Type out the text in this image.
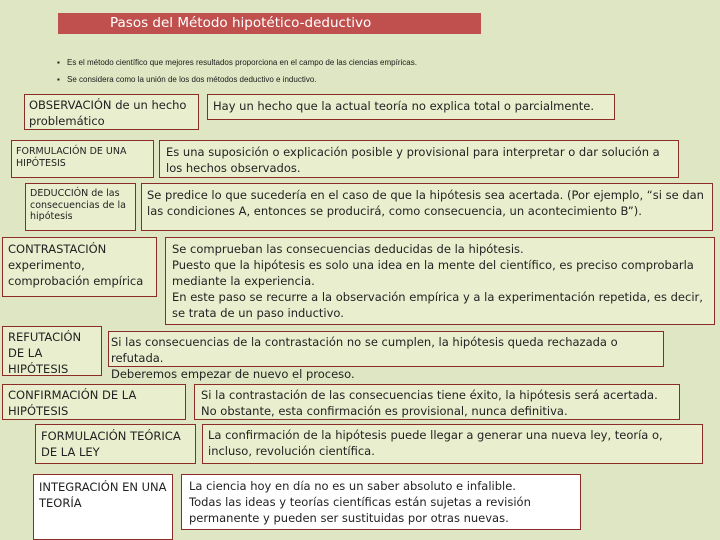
Pasos del Método hipotético-deductivo
▪ Es el método científico que mejores resultados proporciona en el campo de las ciencias empíricas.
▪ Se considera como la unión de los dos métodos deductivo e inductivo.
OBSERVACIÓN de un hecho problemático
Hay un hecho que la actual teoría no explica total o parcialmente.
FORMULACIÓN DE UNA HIPÓTESIS
Es una suposición o explicación posible y provisional para interpretar o dar solución a los hechos observados.
DEDUCCIÓN de las consecuencias de la hipótesis
Se predice lo que sucedería en el caso de que la hipótesis sea acertada. (Por ejemplo, “si se dan las condiciones A, entonces se producirá, como consecuencia, un acontecimiento B”).
CONTRASTACIÓN experimento, comprobación empírica
Se comprueban las consecuencias deducidas de la hipótesis.
Puesto que la hipótesis es solo una idea en la mente del científico, es preciso comprobarla mediante la experiencia.
En este paso se recurre a la observación empírica y a la experimentación repetida, es decir, se trata de un paso inductivo.
REFUTACIÓN DE LA HIPÓTESIS
Si las consecuencias de la contrastación no se cumplen, la hipótesis queda rechazada o refutada.
Deberemos empezar de nuevo el proceso.
CONFIRMACIÓN DE LA HIPÓTESIS
Si la contrastación de las consecuencias tiene éxito, la hipótesis será acertada.
No obstante, esta confirmación es provisional, nunca definitiva.
FORMULACIÓN TEÓRICA DE LA LEY
La confirmación de la hipótesis puede llegar a generar una nueva ley, teoría o, incluso, revolución científica.
INTEGRACIÓN EN UNA TEORÍA
La ciencia hoy en día no es un saber absoluto e infalible.
Todas las ideas y teorías científicas están sujetas a revisión permanente y pueden ser sustituidas por otras nuevas.
